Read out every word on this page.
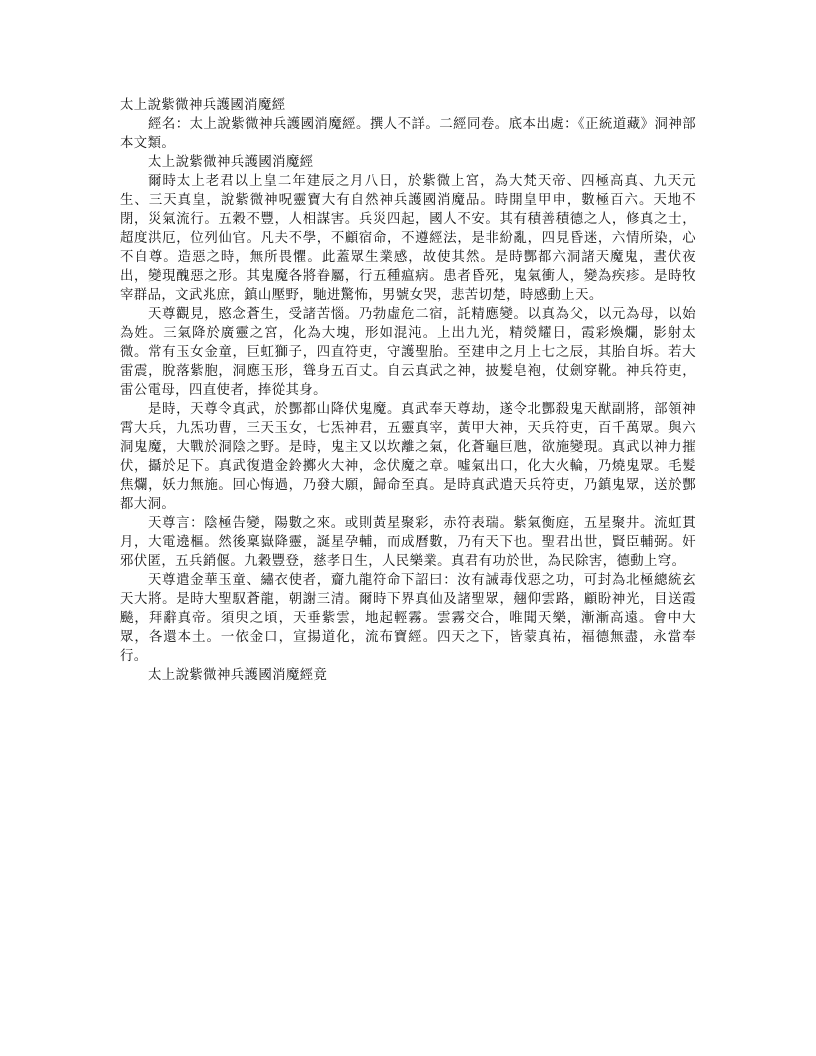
太上說紫微神兵護國消魔經

經名：太上說紫微神兵護國消魔經。撰人不詳。二經同卷。底本出處：《正統道藏》洞神部本文類。

太上說紫微神兵護國消魔經

爾時太上老君以上皇二年建辰之月八日，於紫微上宮，為大梵天帝、四極高真、九天元生、三天真皇，說紫微神呪靈寶大有自然神兵護國消魔品。時開皇甲申，數極百六。天地不閉，災氣流行。五穀不豐，人相謀害。兵災四起，國人不安。其有積善積德之人，修真之士，超度洪厄，位列仙官。凡夫不學，不顧宿命，不遵經法，是非紛亂，四見昏迷，六情所染，心不自尊。造惡之時，無所畏懼。此蓋眾生業感，故使其然。是時酆都六洞諸天魔鬼，晝伏夜出，變現醜惡之形。其鬼魔各將眷屬，行五種瘟病。患者昏死，鬼氣衝人，變為疾疹。是時牧宰群品，文武兆庶，鎮山壓野，馳进驚怖，男號女哭，悲苦切楚，時感動上天。

天尊觀見，愍念蒼生，受諸苦惱。乃勃虛危二宿，託精應變。以真為父，以元為母，以始為姓。三氣降於廣靈之宮，化為大塊，形如混沌。上出九光，精熒耀日，霞彩煥爛，影射太微。常有玉女金童，巨虹獅子，四直符吏，守護聖胎。至建申之月上七之辰，其胎自坼。若大雷震，脫落紫胞，洞應玉形，聳身五百丈。自云真武之神，披髮皂袍，仗劍穿靴。神兵符吏，雷公電母，四直使者，捧從其身。

是時，天尊令真武，於酆都山降伏鬼魔。真武奉天尊劫，遂令北酆殺鬼天猷副將，部領神霄大兵，九炁功曹，三天玉女，七炁神君，五靈真宰，黃甲大神，天兵符吏，百千萬眾。與六洞鬼魔，大戰於洞陰之野。是時，鬼主又以坎離之氣，化蒼龜巨虺，欲施變現。真武以神力摧伏，攝於足下。真武復遣金鈴擲火大神，念伏魔之章。噓氣出口，化大火輪，乃燒鬼眾。毛髮焦爛，妖力無施。回心悔過，乃發大願，歸命至真。是時真武遣天兵符吏，乃鎮鬼眾，送於酆都大洞。

天尊言：陰極告變，陽數之來。或則黃星聚彩，赤符表瑞。紫氣衡庭，五星聚井。流虹貫月，大電遶樞。然後稟嶽降靈，誕星孕輔，而成曆數，乃有天下也。聖君出世，賢臣輔弼。奸邪伏匿，五兵銷偃。九穀豐登，慈孝日生，人民樂業。真君有功於世，為民除害，德動上穹。

天尊遣金華玉童、繡衣使者，齎九龍符命下詔曰：汝有誡毒伐惡之功，可封為北極總統玄天大將。是時大聖馭蒼龍，朝謝三清。爾時下界真仙及諸聖眾，翹仰雲路，顧盼神光，目送霞飈，拜辭真帝。須臾之頃，天垂紫雲，地起輕霧。雲霧交合，唯聞天樂，漸漸高遠。會中大眾，各還本土。一依金口，宣揚道化，流布寶經。四天之下，皆蒙真祐，福德無盡，永當奉行。

太上說紫微神兵護國消魔經竟
